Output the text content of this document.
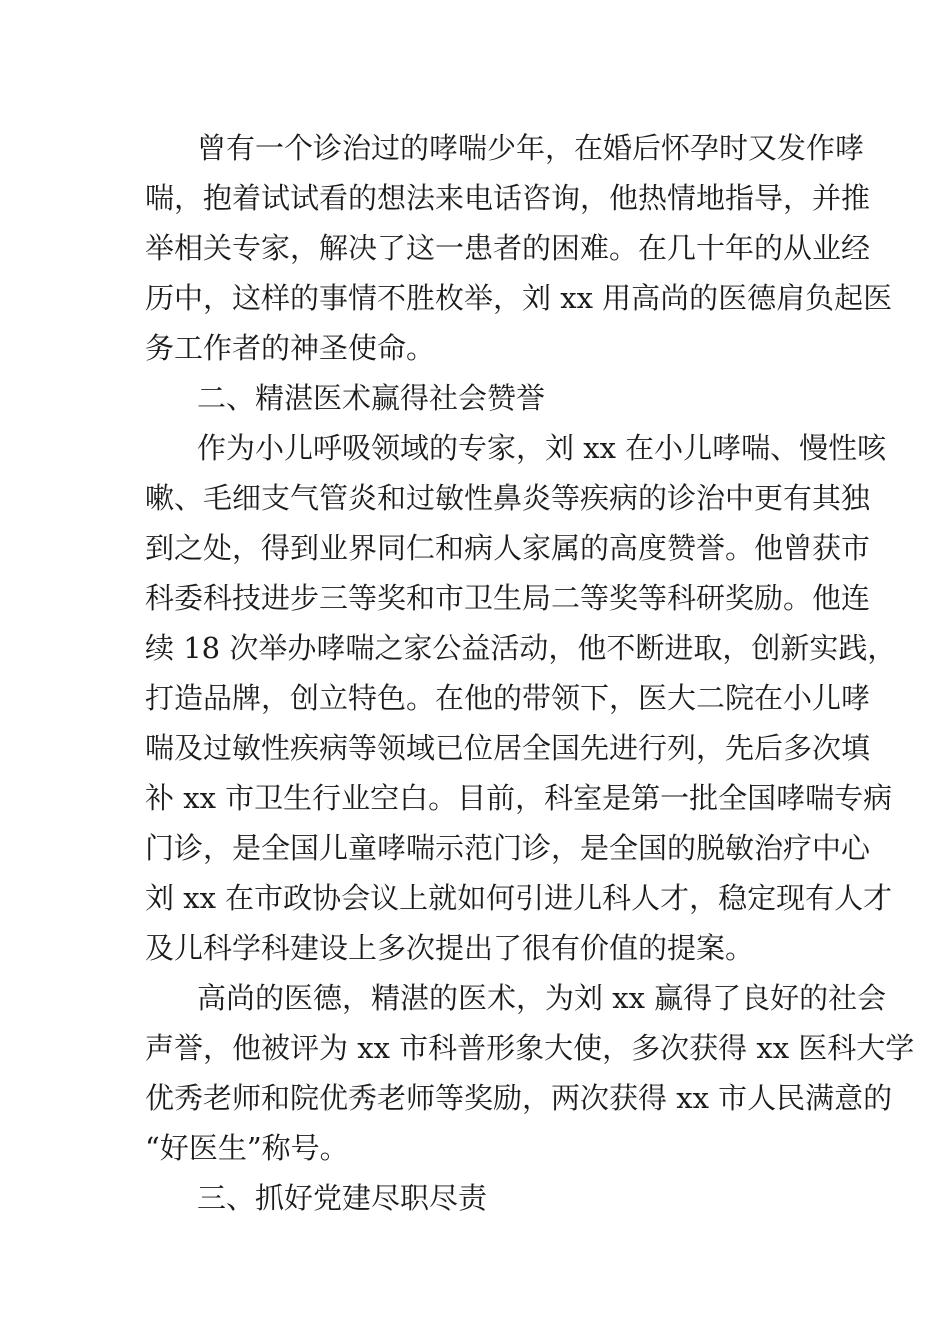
曾有一个诊治过的哮喘少年，在婚后怀孕时又发作哮
喘，抱着试试看的想法来电话咨询，他热情地指导，并推
举相关专家，解决了这一患者的困难。在几十年的从业经
历中，这样的事情不胜枚举，刘 xx 用高尚的医德肩负起医
务工作者的神圣使命。
二、精湛医术赢得社会赞誉
作为小儿呼吸领域的专家，刘 xx 在小儿哮喘、慢性咳
嗽、毛细支气管炎和过敏性鼻炎等疾病的诊治中更有其独
到之处，得到业界同仁和病人家属的高度赞誉。他曾获市
科委科技进步三等奖和市卫生局二等奖等科研奖励。他连
续 18 次举办哮喘之家公益活动，他不断进取，创新实践，
打造品牌，创立特色。在他的带领下，医大二院在小儿哮
喘及过敏性疾病等领域已位居全国先进行列，先后多次填
补 xx 市卫生行业空白。目前，科室是第一批全国哮喘专病
门诊，是全国儿童哮喘示范门诊，是全国的脱敏治疗中心
刘 xx 在市政协会议上就如何引进儿科人才，稳定现有人才
及儿科学科建设上多次提出了很有价值的提案。
高尚的医德，精湛的医术，为刘 xx 赢得了良好的社会
声誉，他被评为 xx 市科普形象大使，多次获得 xx 医科大学
优秀老师和院优秀老师等奖励，两次获得 xx 市人民满意的
“好医生”称号。
三、抓好党建尽职尽责
